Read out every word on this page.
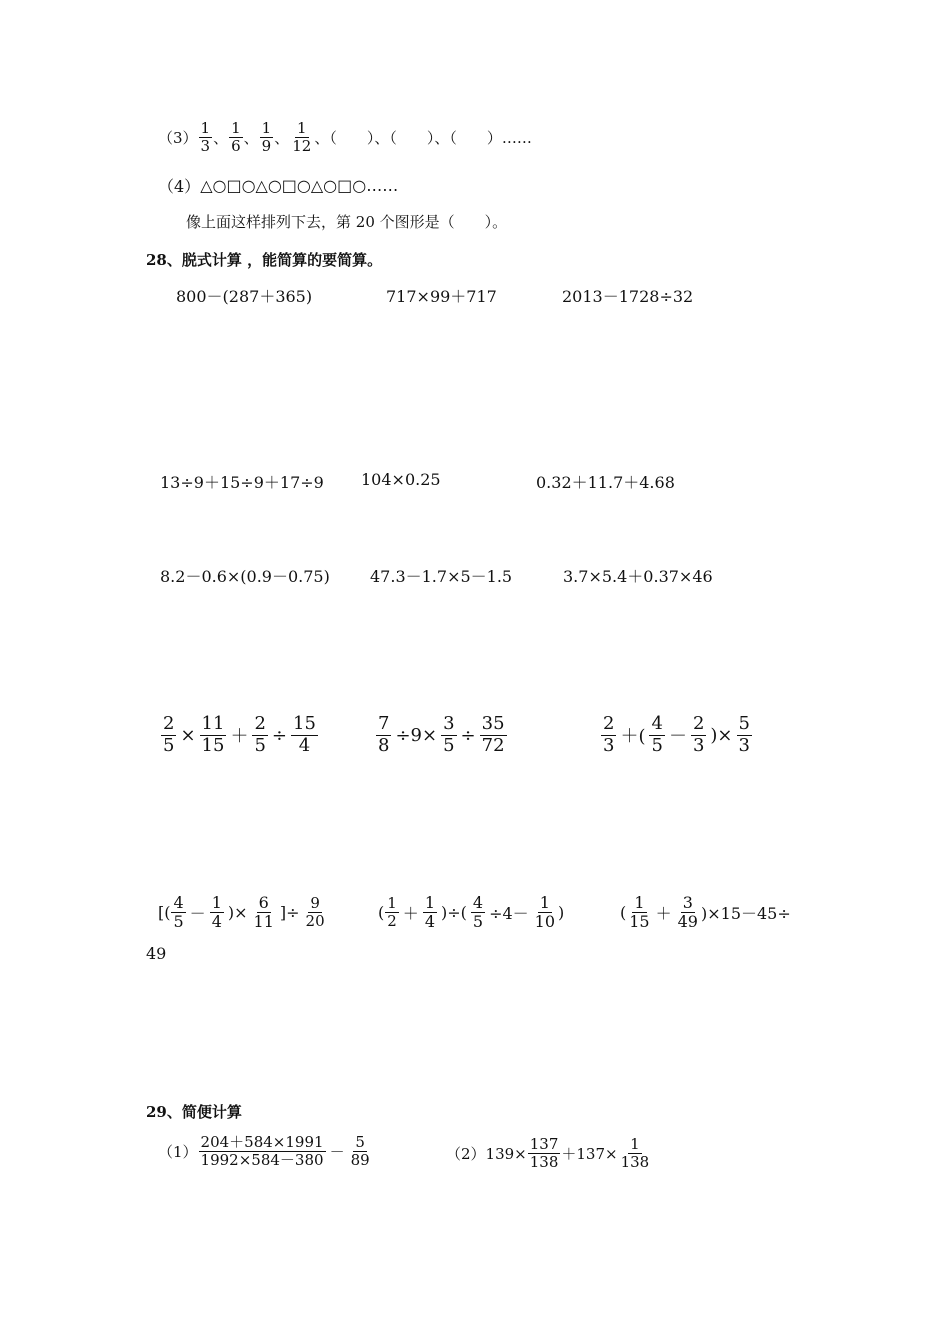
$(3) \frac{1}{3}$ 、 $\frac{1}{6}$ 、 $\frac{1}{9}$ 、 $\frac{1}{12}$ 、（　　）、（　　）、（　　）……
（4） △○□○△○□○△○□○……
像上面这样排列下去，第 20 个图形是（　　）。
28、脱式计算 ，能简算的要简算。
800－(287＋365)	717×99＋717	2013－1728÷32
13÷9＋15÷9＋17÷9 104×0.25	0.32＋11.7＋4.68
8.2－0.6×(0.9－0.75)	47.3－1.7×5－1.5	3.7×5.4＋0.37×46
$\frac{2}{5} \times \frac{11}{15} + \frac{2}{5} \div \frac{15}{4}$	$\frac{7}{8} \div 9\times \frac{3}{5} \div \frac{35}{72}$	$\frac{2}{3}$ ＋( $\frac{4}{5} - \frac{2}{3}$ )× $\frac{5}{3}$
[( $\frac{4}{5} - \frac{1}{4}$ )× $\frac{6}{11}$ ]÷ $\frac{9}{20}$	( $\frac{1}{2} + \frac{1}{4}$ )÷( $\frac{4}{5} \div 4- \frac{1}{10}$ )	( $\frac{1}{15} + \frac{3}{49} )\times 15-45\div$
49
29、简便计算
$(1) \frac{204+584\times 1991}{1992\times 584-380} - \frac{5}{89}$	（2） $139\times \frac{137}{138} +137\times \frac{1}{138}$
